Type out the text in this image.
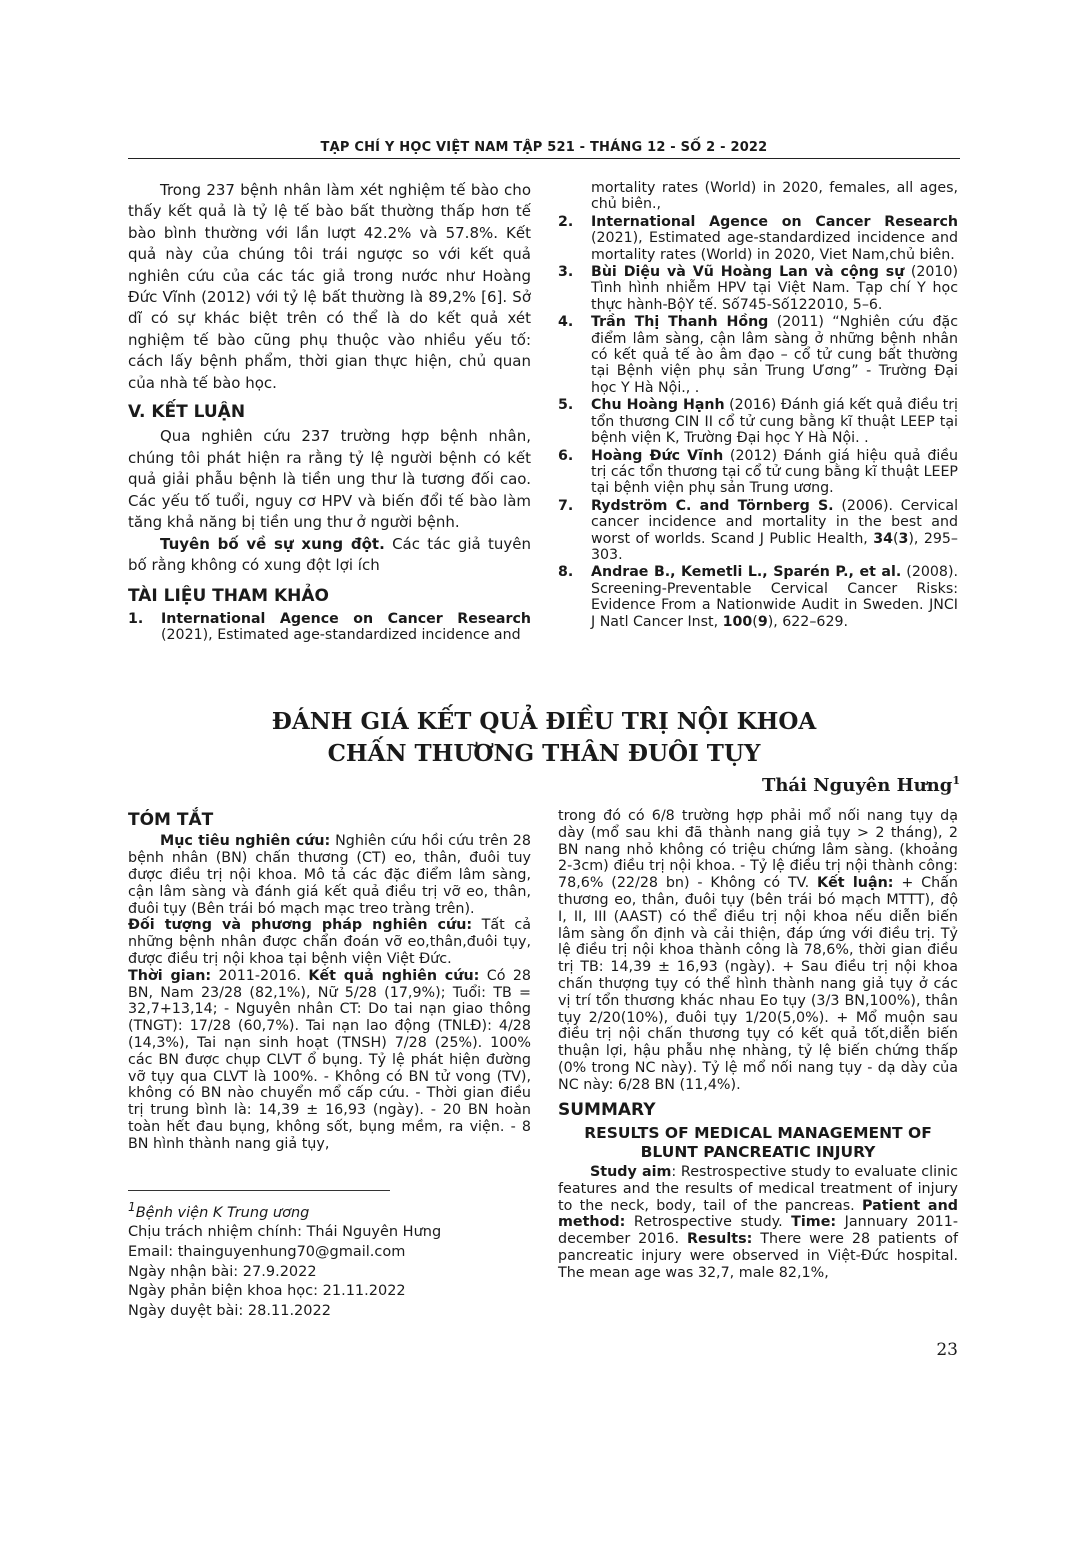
TẠP CHÍ Y HỌC VIỆT NAM TẬP 521 - THÁNG 12 - SỐ 2 - 2022

Trong 237 bệnh nhân làm xét nghiệm tế bào cho thấy kết quả là tỷ lệ tế bào bất thường thấp hơn tế bào bình thường với lần lượt 42.2% và 57.8%. Kết quả này của chúng tôi trái ngược so với kết quả nghiên cứu của các tác giả trong nước như Hoàng Đức Vĩnh (2012) với tỷ lệ bất thường là 89,2% [6]. Sở dĩ có sự khác biệt trên có thể là do kết quả xét nghiệm tế bào cũng phụ thuộc vào nhiều yếu tố: cách lấy bệnh phẩm, thời gian thực hiện, chủ quan của nhà tế bào học.

V. KẾT LUẬN

Qua nghiên cứu 237 trường hợp bệnh nhân, chúng tôi phát hiện ra rằng tỷ lệ người bệnh có kết quả giải phẫu bệnh là tiền ung thư là tương đối cao. Các yếu tố tuổi, nguy cơ HPV và biến đổi tế bào làm tăng khả năng bị tiền ung thư ở người bệnh.

Tuyên bố về sự xung đột. Các tác giả tuyên bố rằng không có xung đột lợi ích

TÀI LIỆU THAM KHẢO
1. International Agence on Cancer Research (2021), Estimated age-standardized incidence and
mortality rates (World) in 2020, females, all ages, chủ biên.,
2. International Agence on Cancer Research (2021), Estimated age-standardized incidence and mortality rates (World) in 2020, Viet Nam,chủ biên.
3. Bùi Diệu và Vũ Hoàng Lan và cộng sự (2010) Tình hình nhiễm HPV tại Việt Nam. Tạp chí Y học thực hành-BộY tế. Số745-Số122010, 5–6.
4. Trần Thị Thanh Hồng (2011) “Nghiên cứu đặc điểm lâm sàng, cận lâm sàng ở những bệnh nhân có kết quả tế ào âm đạo – cổ tử cung bất thường tại Bệnh viện phụ sản Trung Ương” - Trường Đại học Y Hà Nội., .
5. Chu Hoàng Hạnh (2016) Đánh giá kết quả điều trị tổn thương CIN II cổ tử cung bằng kĩ thuật LEEP tại bệnh viện K, Trường Đại học Y Hà Nội. .
6. Hoàng Đức Vĩnh (2012) Đánh giá hiệu quả điều trị các tổn thương tại cổ tử cung bằng kĩ thuật LEEP tại bệnh viện phụ sản Trung ương.
7. Rydström C. and Törnberg S. (2006). Cervical cancer incidence and mortality in the best and worst of worlds. Scand J Public Health, 34(3), 295–303.
8. Andrae B., Kemetli L., Sparén P., et al. (2008). Screening-Preventable Cervical Cancer Risks: Evidence From a Nationwide Audit in Sweden. JNCI J Natl Cancer Inst, 100(9), 622–629.
ĐÁNH GIÁ KẾT QUẢ ĐIỀU TRỊ NỘI KHOA
CHẤN THƯƠNG THÂN ĐUÔI TỤY
Thái Nguyên Hưng$^1$
TÓM TẮT

Mục tiêu nghiên cứu: Nghiên cứu hồi cứu trên 28 bệnh nhân (BN) chấn thương (CT) eo, thân, đuôi tuy được điều trị nội khoa. Mô tả các đặc điểm lâm sàng, cận lâm sàng và đánh giá kết quả điều trị vỡ eo, thân, đuôi tụy (Bên trái bó mạch mạc treo tràng trên).

Đối tượng và phương pháp nghiên cứu: Tất cả những bệnh nhân được chẩn đoán vỡ eo,thân,đuôi tụy, được điều trị nội khoa tại bệnh viện Việt Đức.

Thời gian: 2011-2016. Kết quả nghiên cứu: Có 28 BN, Nam 23/28 (82,1%), Nữ 5/28 (17,9%); Tuổi: TB = 32,7+13,14; - Nguyên nhân CT: Do tai nạn giao thông (TNGT): 17/28 (60,7%). Tai nạn lao động (TNLĐ): 4/28 (14,3%), Tai nạn sinh hoạt (TNSH) 7/28 (25%). 100% các BN được chụp CLVT ổ bụng. Tỷ lệ phát hiện đường vỡ tụy qua CLVT là 100%. - Không có BN tử vong (TV), không có BN nào chuyển mổ cấp cứu. - Thời gian điều trị trung bình là: 14,39 ± 16,93 (ngày). - 20 BN hoàn toàn hết đau bụng, không sốt, bụng mềm, ra viện. - 8 BN hình thành nang giả tụy,

trong đó có 6/8 trường hợp phải mổ nối nang tụy dạ dày (mổ sau khi đã thành nang giả tụy > 2 tháng), 2 BN nang nhỏ không có triệu chứng lâm sàng. (khoảng 2-3cm) điều trị nội khoa. - Tỷ lệ điều trị nội thành công: 78,6% (22/28 bn) - Không có TV. Kết luận: + Chấn thương eo, thân, đuôi tụy (bên trái bó mạch MTTT), độ I, II, III (AAST) có thể điều trị nội khoa nếu diễn biến lâm sàng ổn định và cải thiện, đáp ứng với điều trị. Tỷ lệ điều trị nội khoa thành công là 78,6%, thời gian điều trị TB: 14,39 ± 16,93 (ngày). + Sau điều trị nội khoa chấn thượng tụy có thể hình thành nang giả tụy ở các vị trí tổn thương khác nhau Eo tụy (3/3 BN,100%), thân tụy 2/20(10%), đuôi tụy 1/20(5,0%). + Mổ muộn sau điều trị nội chấn thương tụy có kết quả tốt,diễn biến thuận lợi, hậu phẫu nhẹ nhàng, tỷ lệ biến chứng thấp (0% trong NC này). Tỷ lệ mổ nối nang tụy - dạ dày của NC này: 6/28 BN (11,4%).

SUMMARY
RESULTS OF MEDICAL MANAGEMENT OF BLUNT PANCREATIC INJURY

Study aim: Restrospective study to evaluate clinic features and the results of medical treatment of injury to the neck, body, tail of the pancreas. Patient and method: Retrospective study. Time: Jannuary 2011-december 2016. Results: There were 28 patients of pancreatic injury were observed in Việt-Đức hospital. The mean age was 32,7, male 82,1%,

$^1$Bệnh viện K Trung ương
Chịu trách nhiệm chính: Thái Nguyên Hưng
Email: thainguyenhung70@gmail.com
Ngày nhận bài: 27.9.2022
Ngày phản biện khoa học: 21.11.2022
Ngày duyệt bài: 28.11.2022
23
